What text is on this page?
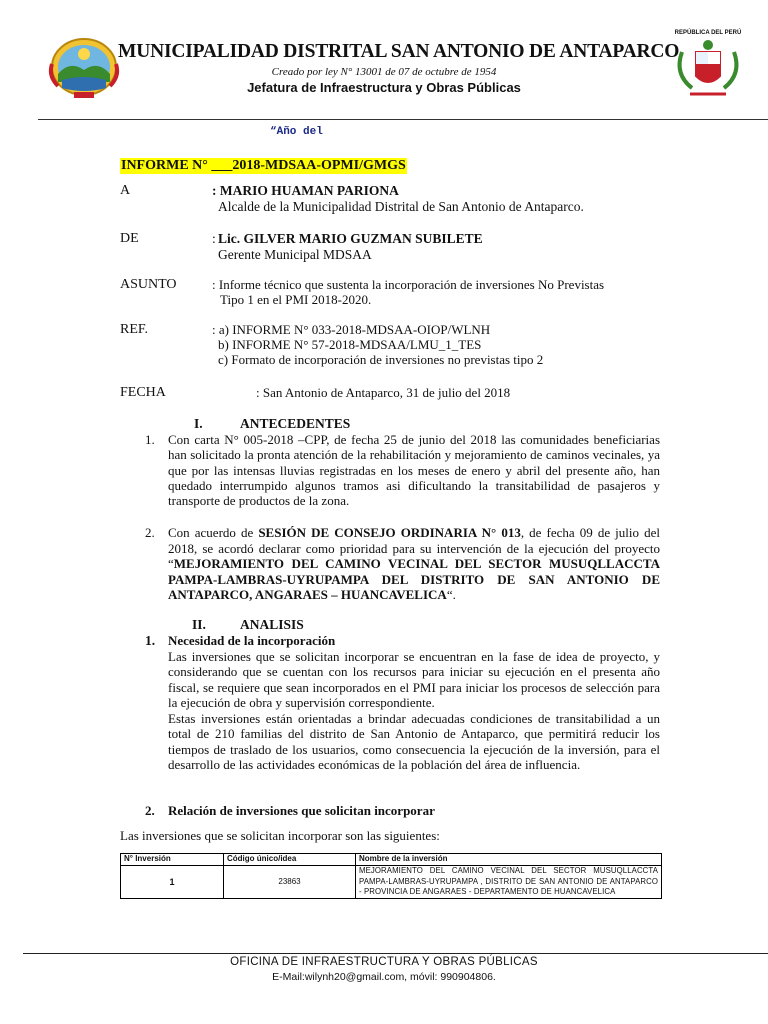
MUNICIPALIDAD DISTRITAL SAN ANTONIO DE ANTAPARCO
Creado por ley N° 13001 de 07 de octubre de 1954
Jefatura de Infraestructura y Obras Públicas
REPÚBLICA DEL PERÚ
“Año del
INFORME N° ___2018-MDSAA-OPMI/GMGS
A	: MARIO HUAMAN PARIONA
Alcalde de la Municipalidad Distrital de San Antonio de Antaparco.
DE	: Lic. GILVER MARIO GUZMAN SUBILETE
Gerente Municipal MDSAA
ASUNTO	: Informe técnico que sustenta la incorporación de inversiones No Previstas
Tipo 1 en el PMI 2018-2020.
REF.	: a) INFORME N° 033-2018-MDSAA-OIOP/WLNH
b) INFORME N° 57-2018-MDSAA/LMU_1_TES
c) Formato de incorporación de inversiones no previstas tipo 2
FECHA	: San Antonio de Antaparco, 31 de julio del 2018
I.	ANTECEDENTES
1. Con carta N° 005-2018 –CPP, de fecha 25 de junio del 2018 las comunidades beneficiarias han solicitado la pronta atención de la rehabilitación y mejoramiento de caminos vecinales, ya que por las intensas lluvias registradas en los meses de enero y abril del presente año, han quedado interrumpido algunos tramos asi dificultando la transitabilidad de pasajeros y transporte de productos de la zona.
2. Con acuerdo de SESIÓN DE CONSEJO ORDINARIA N° 013, de fecha 09 de julio del 2018, se acordó declarar como prioridad para su intervención de la ejecución del proyecto “MEJORAMIENTO DEL CAMINO VECINAL DEL SECTOR MUSUQLLACCTA PAMPA-LAMBRAS-UYRUPAMPA DEL DISTRITO DE SAN ANTONIO DE ANTAPARCO, ANGARAES – HUANCAVELICA“.
II.	ANALISIS
1. Necesidad de la incorporación
Las inversiones que se solicitan incorporar se encuentran en la fase de idea de proyecto, y considerando que se cuentan con los recursos para iniciar su ejecución en el presenta año fiscal, se requiere que sean incorporados en el PMI para iniciar los procesos de selección para la ejecución de obra y supervisión correspondiente.
Estas inversiones están orientadas a brindar adecuadas condiciones de transitabilidad a un total de 210 familias del distrito de San Antonio de Antaparco, que permitirá reducir los tiempos de traslado de los usuarios, como consecuencia la ejecución de la inversión, para el desarrollo de las actividades económicas de la población del área de influencia.
2. Relación de inversiones que solicitan incorporar
Las inversiones que se solicitan incorporar son las siguientes:
N° Inversión	Código único/idea	Nombre de la inversión
1	23863	MEJORAMIENTO DEL CAMINO VECINAL DEL SECTOR MUSUQLLACCTA PAMPA-LAMBRAS-UYRUPAMPA , DISTRITO DE SAN ANTONIO DE ANTAPARCO - PROVINCIA DE ANGARAES - DEPARTAMENTO DE HUANCAVELICA
OFICINA DE INFRAESTRUCTURA Y OBRAS PÚBLICAS
E-Mail:wilynh20@gmail.com, móvil: 990904806.
